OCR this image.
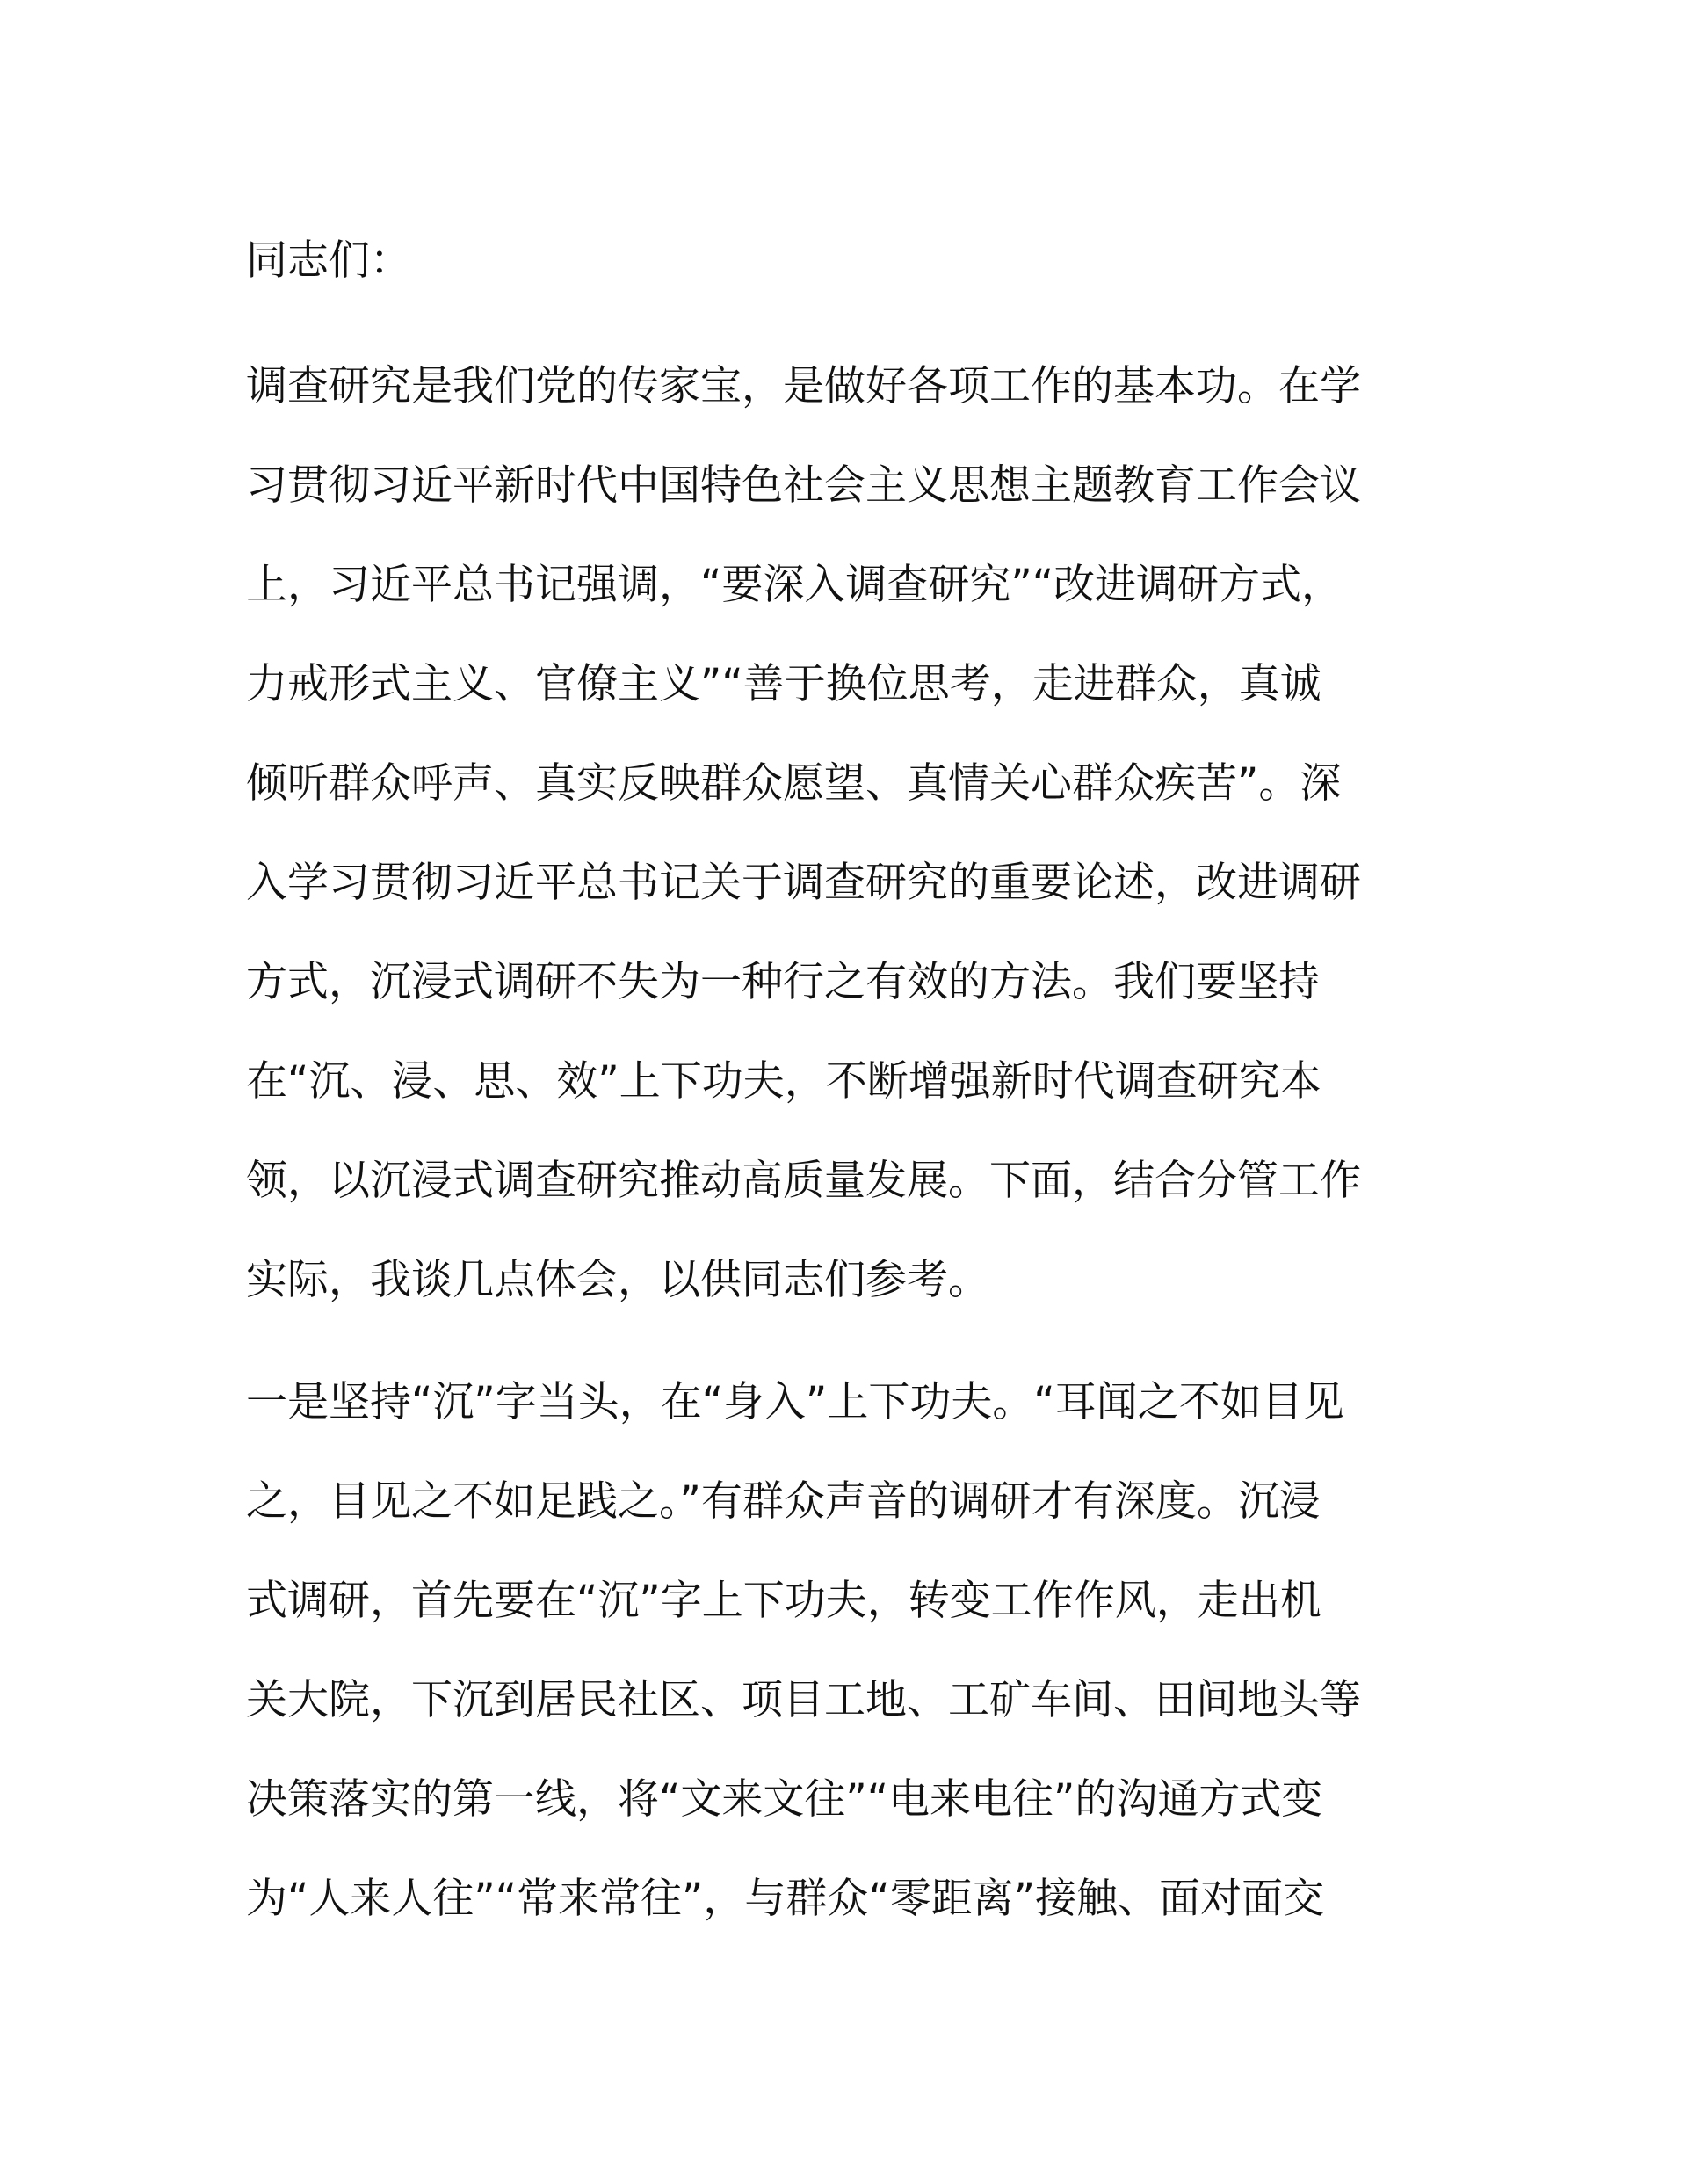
同志们：
调查研究是我们党的传家宝，是做好各项工作的基本功。在学
习贯彻习近平新时代中国特色社会主义思想主题教育工作会议
上，习近平总书记强调，“要深入调查研究”“改进调研方式，
力戒形式主义、官僚主义”“善于换位思考，走进群众，真诚
倾听群众呼声、真实反映群众愿望、真情关心群众疾苦”。深
入学习贯彻习近平总书记关于调查研究的重要论述，改进调研
方式，沉浸式调研不失为一种行之有效的方法。我们要坚持
在“沉、浸、思、效”上下功夫，不断增强新时代调查研究本
领，以沉浸式调查研究推动高质量发展。下面，结合分管工作
实际，我谈几点体会，以供同志们参考。
一是坚持“沉”字当头，在“身入”上下功夫。“耳闻之不如目见
之，目见之不如足践之。”有群众声音的调研才有深度。沉浸
式调研，首先要在“沉”字上下功夫，转变工作作风，走出机
关大院，下沉到居民社区、项目工地、工矿车间、田间地头等
决策落实的第一线，将“文来文往”“电来电往”的沟通方式变
为“人来人往”“常来常往”，与群众“零距离”接触、面对面交
